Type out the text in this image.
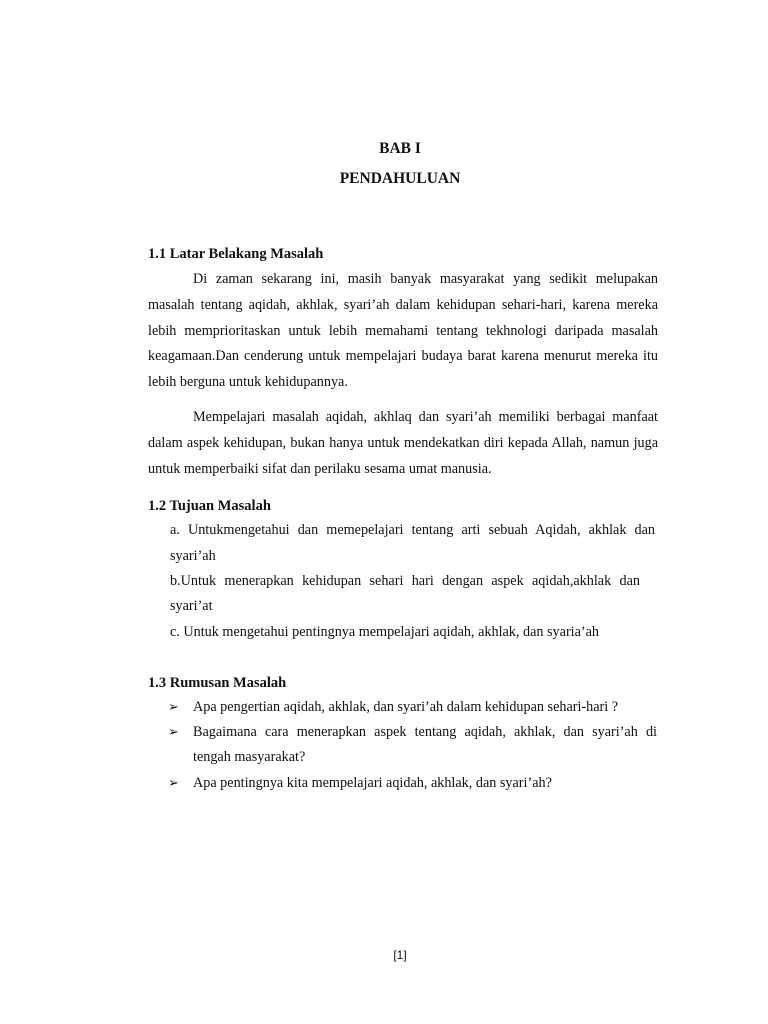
BAB I
PENDAHULUAN
1.1 Latar Belakang Masalah

Di zaman sekarang ini, masih banyak masyarakat yang sedikit melupakan masalah tentang aqidah, akhlak, syari’ah dalam kehidupan sehari-hari, karena mereka lebih memprioritaskan untuk lebih memahami tentang tekhnologi daripada masalah keagamaan.Dan cenderung untuk mempelajari budaya barat karena menurut mereka itu lebih berguna untuk kehidupannya.

Mempelajari masalah aqidah, akhlaq dan syari’ah memiliki berbagai manfaat dalam aspek kehidupan, bukan hanya untuk mendekatkan diri kepada Allah, namun juga untuk memperbaiki sifat dan perilaku sesama umat manusia.

1.2 Tujuan Masalah
a. Untukmengetahui dan memepelajari tentang arti sebuah Aqidah, akhlak dan
syari’ah
b.Untuk menerapkan kehidupan sehari hari dengan aspek aqidah,akhlak dan
syari’at
c. Untuk mengetahui pentingnya mempelajari aqidah, akhlak, dan syaria’ah
1.3 Rumusan Masalah
➢ Apa pengertian aqidah, akhlak, dan syari’ah dalam kehidupan sehari-hari ?
➢ Bagaimana cara menerapkan aspek tentang aqidah, akhlak, dan syari’ah di
tengah masyarakat?
➢ Apa pentingnya kita mempelajari aqidah, akhlak, dan syari’ah?
[1]
